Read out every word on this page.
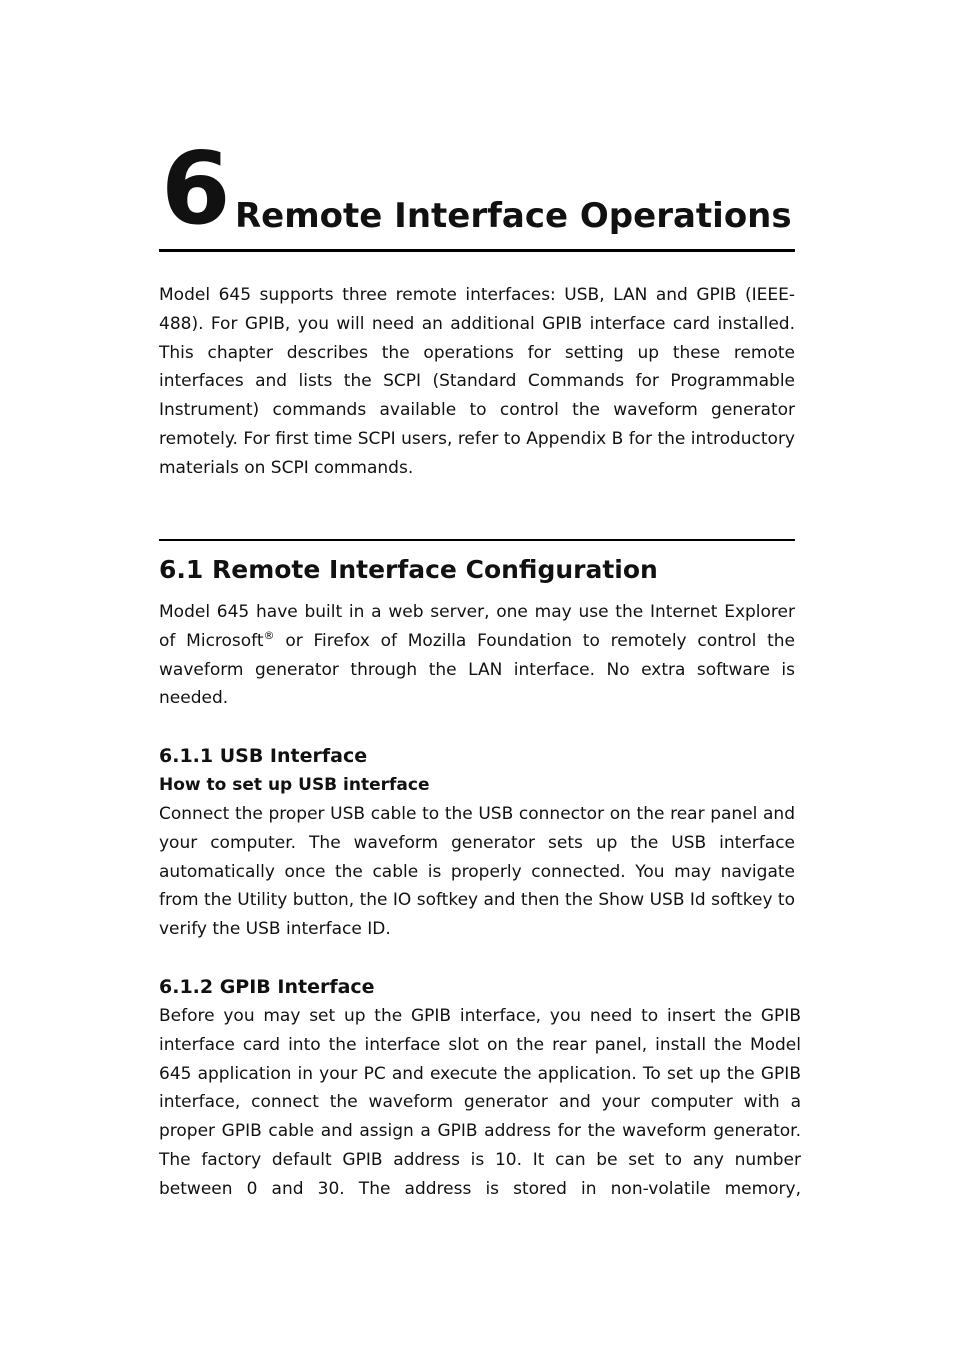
6 Remote Interface Operations

Model 645 supports three remote interfaces: USB, LAN and GPIB (IEEE-488). For GPIB, you will need an additional GPIB interface card installed. This chapter describes the operations for setting up these remote interfaces and lists the SCPI (Standard Commands for Programmable Instrument) commands available to control the waveform generator remotely. For first time SCPI users, refer to Appendix B for the introductory materials on SCPI commands.

6.1 Remote Interface Configuration

Model 645 have built in a web server, one may use the Internet Explorer of Microsoft® or Firefox of Mozilla Foundation to remotely control the waveform generator through the LAN interface. No extra software is needed.

6.1.1 USB Interface
How to set up USB interface

Connect the proper USB cable to the USB connector on the rear panel and your computer. The waveform generator sets up the USB interface automatically once the cable is properly connected. You may navigate from the Utility button, the IO softkey and then the Show USB Id softkey to verify the USB interface ID.

6.1.2 GPIB Interface

Before you may set up the GPIB interface, you need to insert the GPIB interface card into the interface slot on the rear panel, install the Model 645 application in your PC and execute the application. To set up the GPIB interface, connect the waveform generator and your computer with a proper GPIB cable and assign a GPIB address for the waveform generator. The factory default GPIB address is 10. It can be set to any number between 0 and 30. The address is stored in non-volatile memory,
